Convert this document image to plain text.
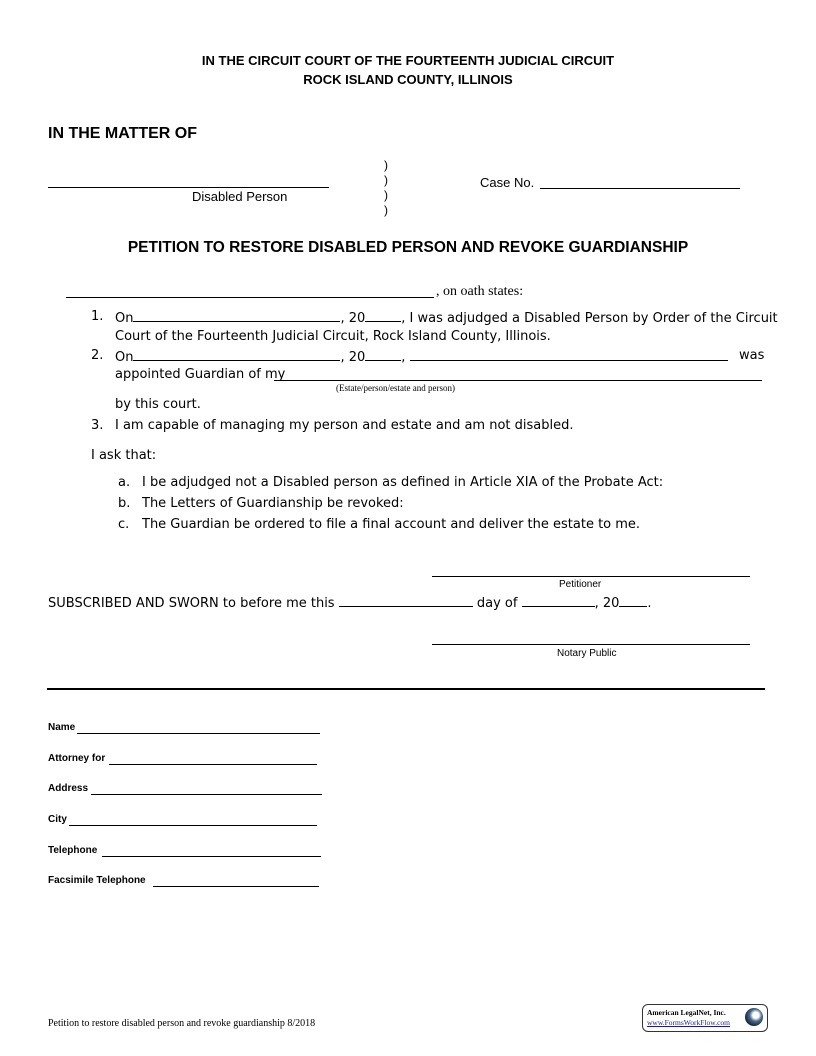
IN THE CIRCUIT COURT OF THE FOURTEENTH JUDICIAL CIRCUIT
ROCK ISLAND COUNTY, ILLINOIS
IN THE MATTER OF
Disabled Person
)
)
)
)
Case No.
PETITION TO RESTORE DISABLED PERSON AND REVOKE GUARDIANSHIP
, on oath states:
1. On	, 20	, I was adjudged a Disabled Person by Order of the Circuit
Court of the Fourteenth Judicial Circuit, Rock Island County, Illinois.
2. On	, 20	,	was
appointed Guardian of my
(Estate/person/estate and person)
by this court.
3. I am capable of managing my person and estate and am not disabled.
I ask that:
a. I be adjudged not a Disabled person as defined in Article XIA of the Probate Act:
b. The Letters of Guardianship be revoked:
c. The Guardian be ordered to file a final account and deliver the estate to me.
Petitioner
SUBSCRIBED AND SWORN to before me this	day of	, 20 .
Notary Public
Name
Attorney for
Address
City
Telephone
Facsimile Telephone
Petition to restore disabled person and revoke guardianship 8/2018
American LegalNet, Inc.
www.FormsWorkFlow.com
